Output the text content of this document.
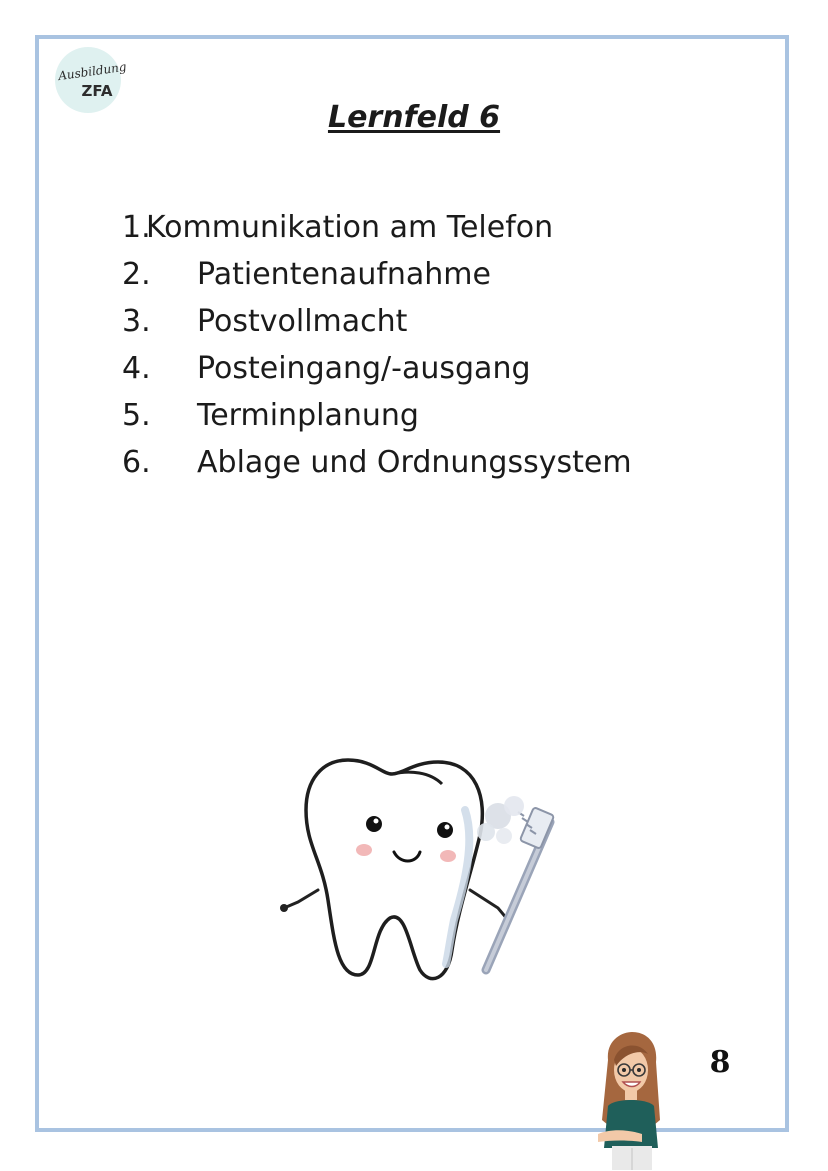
Ausbildung
ZFA
Lernfeld 6
1.
Kommunikation am Telefon
2. Patientenaufnahme
3. Postvollmacht
4. Posteingang/-ausgang
5. Terminplanung
6. Ablage und Ordnungssystem
8
